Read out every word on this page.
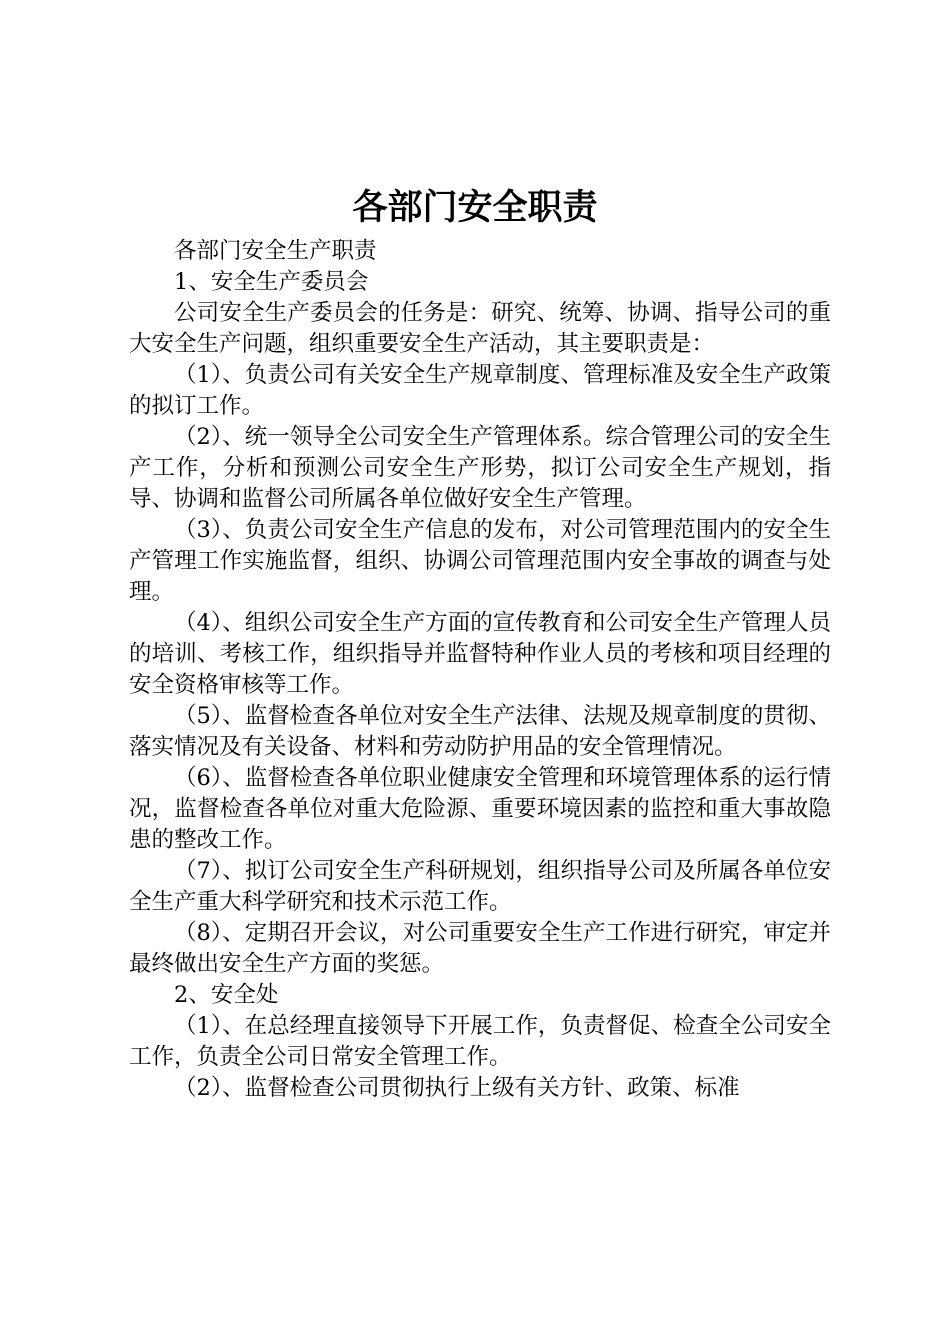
各部门安全职责

各部门安全生产职责

1、安全生产委员会

公司安全生产委员会的任务是：研究、统筹、协调、指导公司的重大安全生产问题，组织重要安全生产活动，其主要职责是：

（1）、负责公司有关安全生产规章制度、管理标准及安全生产政策的拟订工作。

（2）、统一领导全公司安全生产管理体系。综合管理公司的安全生产工作，分析和预测公司安全生产形势，拟订公司安全生产规划，指导、协调和监督公司所属各单位做好安全生产管理。

（3）、负责公司安全生产信息的发布，对公司管理范围内的安全生产管理工作实施监督，组织、协调公司管理范围内安全事故的调查与处理。

（4）、组织公司安全生产方面的宣传教育和公司安全生产管理人员的培训、考核工作，组织指导并监督特种作业人员的考核和项目经理的安全资格审核等工作。

（5）、监督检查各单位对安全生产法律、法规及规章制度的贯彻、落实情况及有关设备、材料和劳动防护用品的安全管理情况。

（6）、监督检查各单位职业健康安全管理和环境管理体系的运行情况，监督检查各单位对重大危险源、重要环境因素的监控和重大事故隐患的整改工作。

（7）、拟订公司安全生产科研规划，组织指导公司及所属各单位安全生产重大科学研究和技术示范工作。

（8）、定期召开会议，对公司重要安全生产工作进行研究，审定并最终做出安全生产方面的奖惩。

2、安全处

（1）、在总经理直接领导下开展工作，负责督促、检查全公司安全工作，负责全公司日常安全管理工作。

（2）、监督检查公司贯彻执行上级有关方针、政策、标准
